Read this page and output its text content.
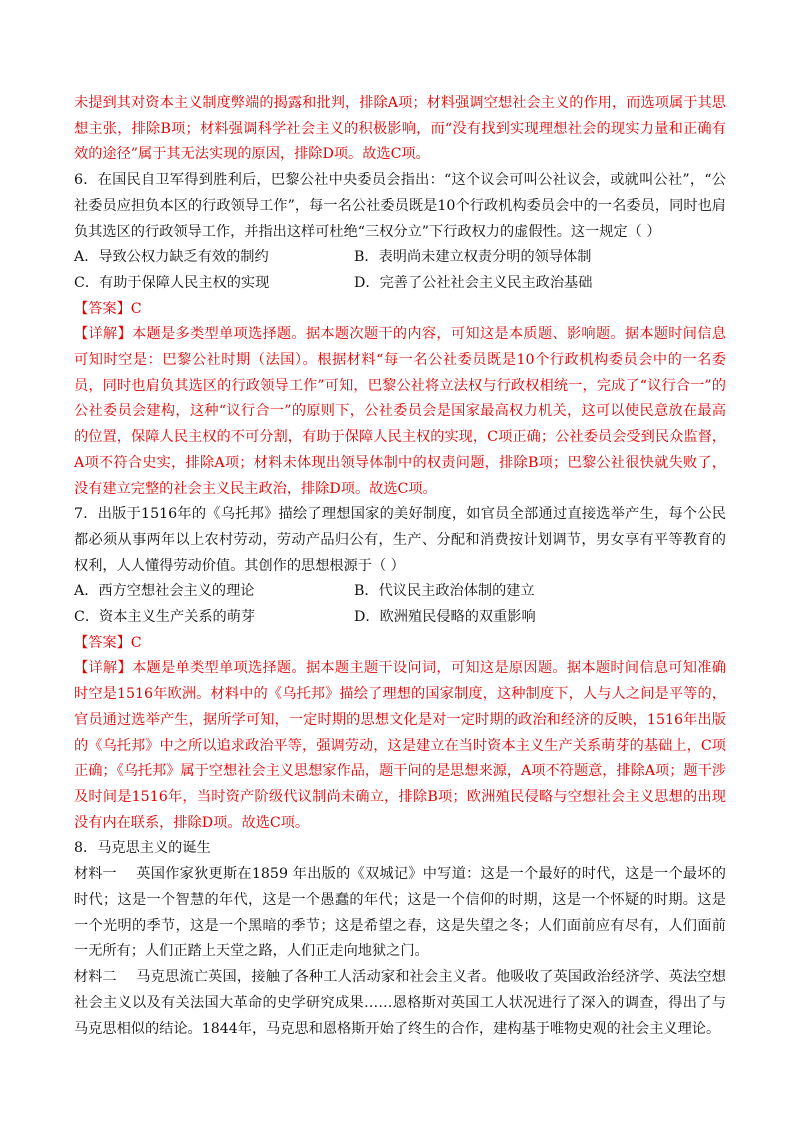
未提到其对资本主义制度弊端的揭露和批判，排除A项；材料强调空想社会主义的作用，而选项属于其思想主张，排除B项；材料强调科学社会主义的积极影响，而“没有找到实现理想社会的现实力量和正确有效的途径”属于其无法实现的原因，排除D项。故选C项。

6．在国民自卫军得到胜利后，巴黎公社中央委员会指出：“这个议会可叫公社议会，或就叫公社”，“公社委员应担负本区的行政领导工作”，每一名公社委员既是10个行政机构委员会中的一名委员，同时也肩负其选区的行政领导工作，并指出这样可杜绝“三权分立”下行政权力的虚假性。这一规定（ ）

A．导致公权力缺乏有效的制约	B．表明尚未建立权责分明的领导体制

C．有助于保障人民主权的实现	D．完善了公社社会主义民主政治基础

【答案】C

【详解】本题是多类型单项选择题。据本题次题干的内容，可知这是本质题、影响题。据本题时间信息可知时空是：巴黎公社时期（法国）。根据材料“每一名公社委员既是10个行政机构委员会中的一名委员，同时也肩负其选区的行政领导工作”可知，巴黎公社将立法权与行政权相统一，完成了“议行合一”的公社委员会建构，这种“议行合一”的原则下，公社委员会是国家最高权力机关，这可以使民意放在最高的位置，保障人民主权的不可分割，有助于保障人民主权的实现，C项正确；公社委员会受到民众监督，A项不符合史实，排除A项；材料未体现出领导体制中的权责问题，排除B项；巴黎公社很快就失败了，没有建立完整的社会主义民主政治，排除D项。故选C项。

7．出版于1516年的《乌托邦》描绘了理想国家的美好制度，如官员全部通过直接选举产生，每个公民都必须从事两年以上农村劳动，劳动产品归公有，生产、分配和消费按计划调节，男女享有平等教育的权利，人人懂得劳动价值。其创作的思想根源于（ ）

A．西方空想社会主义的理论	B．代议民主政治体制的建立

C．资本主义生产关系的萌芽	D．欧洲殖民侵略的双重影响

【答案】C

【详解】本题是单类型单项选择题。据本题主题干设问词，可知这是原因题。据本题时间信息可知准确时空是1516年欧洲。材料中的《乌托邦》描绘了理想的国家制度，这种制度下，人与人之间是平等的，官员通过选举产生，据所学可知，一定时期的思想文化是对一定时期的政治和经济的反映，1516年出版的《乌托邦》中之所以追求政治平等，强调劳动，这是建立在当时资本主义生产关系萌芽的基础上，C项正确；《乌托邦》属于空想社会主义思想家作品，题干问的是思想来源，A项不符题意，排除A项；题干涉及时间是1516年，当时资产阶级代议制尚未确立，排除B项；欧洲殖民侵略与空想社会主义思想的出现没有内在联系，排除D项。故选C项。

8．马克思主义的诞生

材料一 英国作家狄更斯在1859 年出版的《双城记》中写道：这是一个最好的时代，这是一个最坏的时代；这是一个智慧的年代，这是一个愚蠢的年代；这是一个信仰的时期，这是一个怀疑的时期。这是一个光明的季节，这是一个黑暗的季节；这是希望之春，这是失望之冬；人们面前应有尽有，人们面前一无所有；人们正踏上天堂之路，人们正走向地狱之门。

材料二 马克思流亡英国，接触了各种工人活动家和社会主义者。他吸收了英国政治经济学、英法空想社会主义以及有关法国大革命的史学研究成果……恩格斯对英国工人状况进行了深入的调查，得出了与马克思相似的结论。1844年，马克思和恩格斯开始了终生的合作，建构基于唯物史观的社会主义理论。
